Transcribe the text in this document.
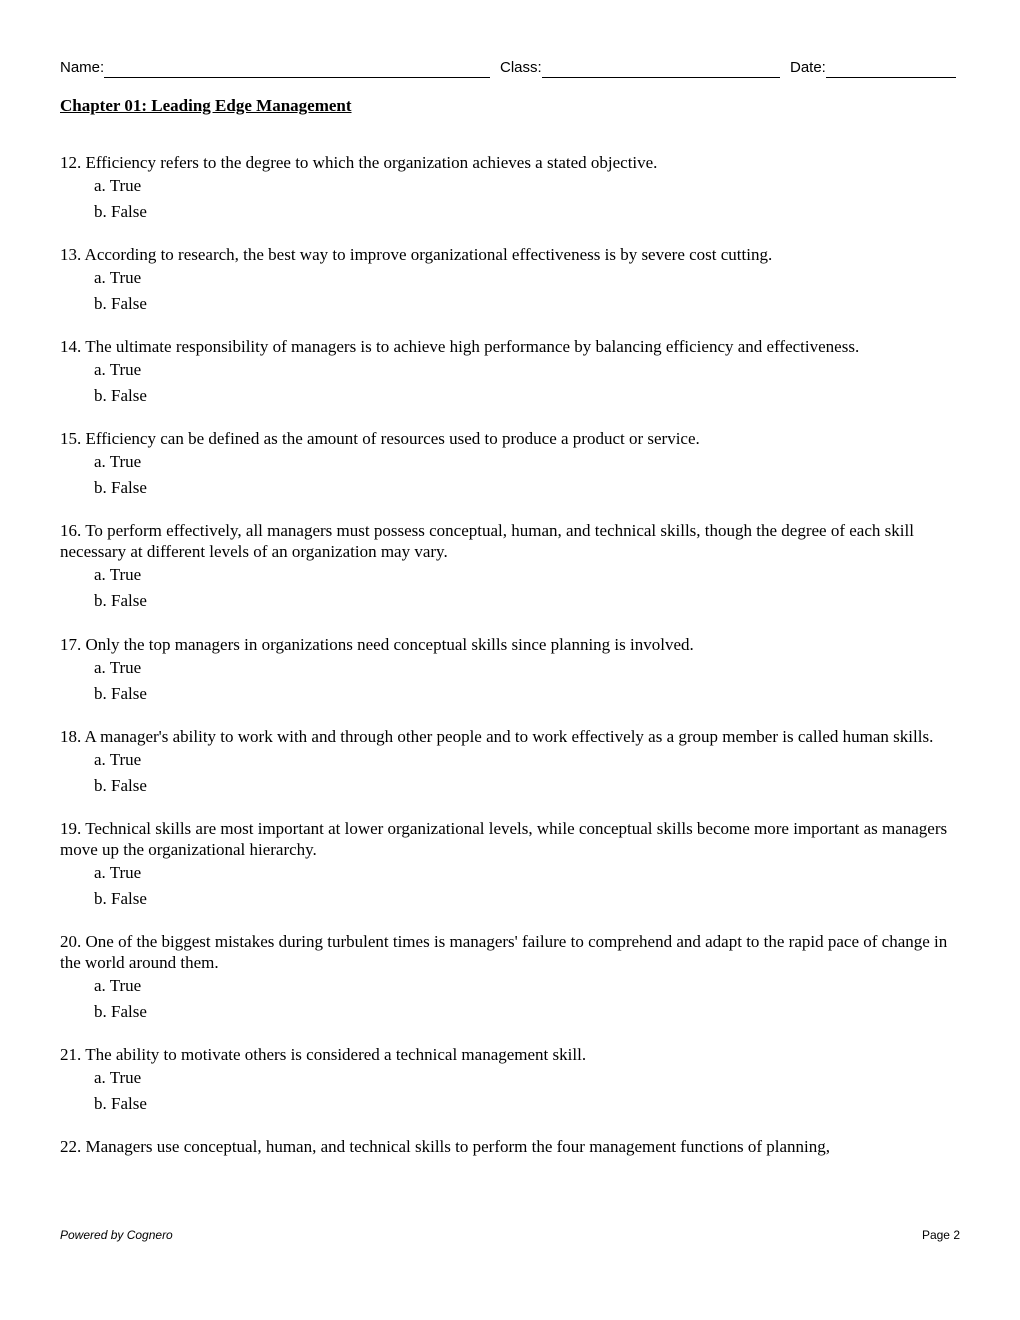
Name:	Class:	Date:
Chapter 01: Leading Edge Management

12. Efficiency refers to the degree to which the organization achieves a stated objective.

a. True
b. False

13. According to research, the best way to improve organizational effectiveness is by severe cost cutting.

a. True
b. False

14. The ultimate responsibility of managers is to achieve high performance by balancing efficiency and effectiveness.

a. True
b. False

15. Efficiency can be defined as the amount of resources used to produce a product or service.

a. True
b. False

16. To perform effectively, all managers must possess conceptual, human, and technical skills, though the degree of each skill necessary at different levels of an organization may vary.

a. True
b. False

17. Only the top managers in organizations need conceptual skills since planning is involved.

a. True
b. False

18. A manager's ability to work with and through other people and to work effectively as a group member is called human skills.

a. True
b. False

19. Technical skills are most important at lower organizational levels, while conceptual skills become more important as managers move up the organizational hierarchy.

a. True
b. False

20. One of the biggest mistakes during turbulent times is managers' failure to comprehend and adapt to the rapid pace of change in the world around them.

a. True
b. False

21. The ability to motivate others is considered a technical management skill.

a. True
b. False

22. Managers use conceptual, human, and technical skills to perform the four management functions of planning,

Powered by Cognero	Page 2
